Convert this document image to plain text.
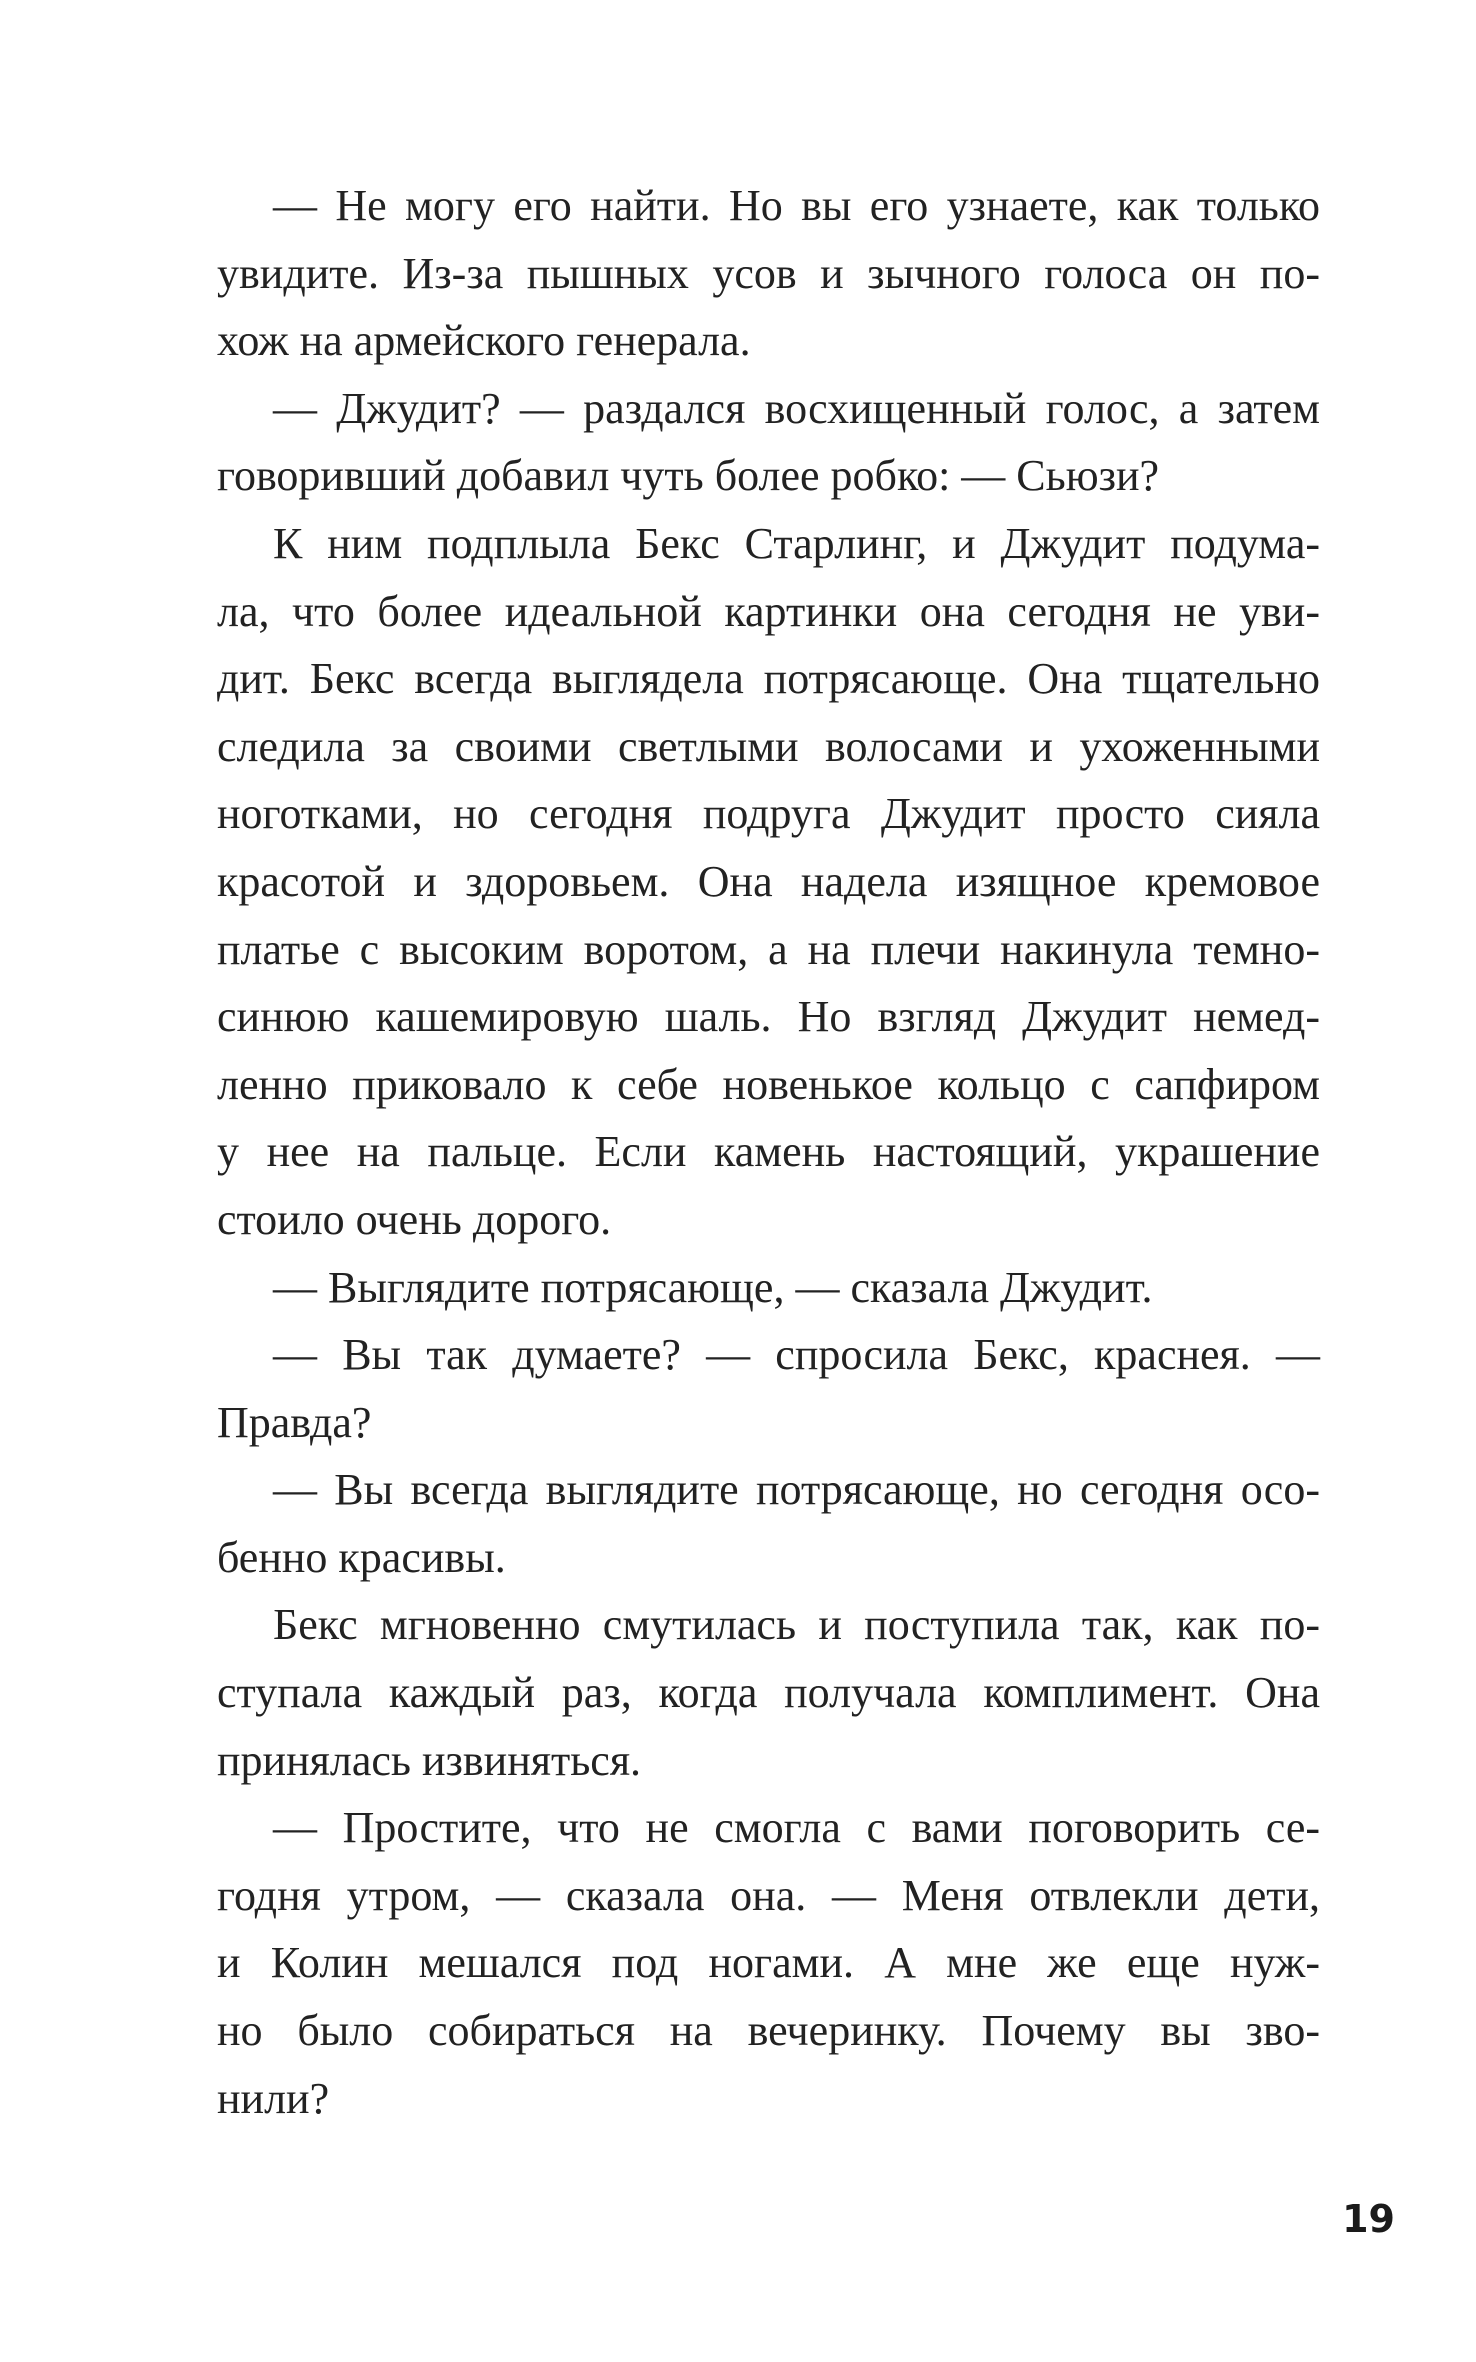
— Не могу его найти. Но вы его узнаете, как только
увидите. Из-за пышных усов и зычного голоса он по-
хож на армейского генерала.
— Джудит? — раздался восхищенный голос, а затем
говоривший добавил чуть более робко: — Сьюзи?
К ним подплыла Бекс Старлинг, и Джудит подума-
ла, что более идеальной картинки она сегодня не уви-
дит. Бекс всегда выглядела потрясающе. Она тщательно
следила за своими светлыми волосами и ухоженными
ноготками, но сегодня подруга Джудит просто сияла
красотой и здоровьем. Она надела изящное кремовое
платье с высоким воротом, а на плечи накинула темно-
синюю кашемировую шаль. Но взгляд Джудит немед-
ленно приковало к себе новенькое кольцо с сапфиром
у нее на пальце. Если камень настоящий, украшение
стоило очень дорого.
— Выглядите потрясающе, — сказала Джудит.
— Вы так думаете? — спросила Бекс, краснея. —
Правда?
— Вы всегда выглядите потрясающе, но сегодня осо-
бенно красивы.
Бекс мгновенно смутилась и поступила так, как по-
ступала каждый раз, когда получала комплимент. Она
принялась извиняться.
— Простите, что не смогла с вами поговорить се-
годня утром, — сказала она. — Меня отвлекли дети,
и Колин мешался под ногами. А мне же еще нуж-
но было собираться на вечеринку. Почему вы зво-
нили?
19
